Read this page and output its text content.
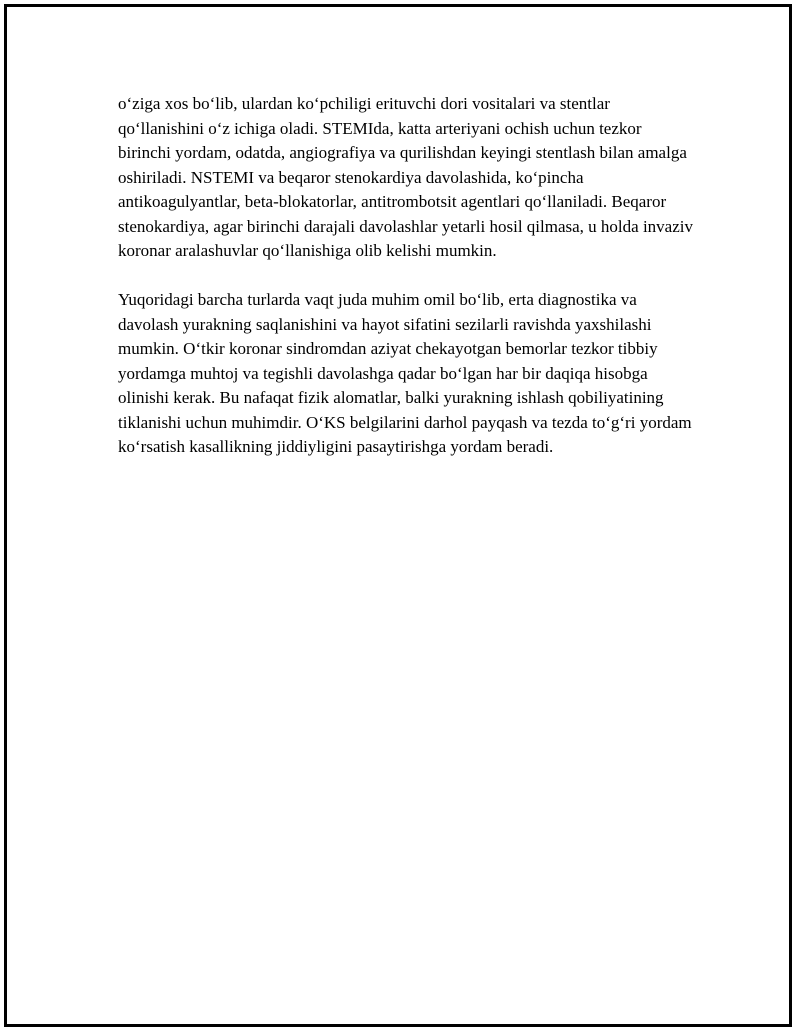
o‘ziga xos bo‘lib, ulardan ko‘pchiligi erituvchi dori vositalari va stentlar qo‘llanishini o‘z ichiga oladi. STEMIda, katta arteriyani ochish uchun tezkor birinchi yordam, odatda, angiografiya va qurilishdan keyingi stentlash bilan amalga oshiriladi. NSTEMI va beqaror stenokardiya davolashida, ko‘pincha antikoagulyantlar, beta-blokatorlar, antitrombotsit agentlari qo‘llaniladi. Beqaror stenokardiya, agar birinchi darajali davolashlar yetarli hosil qilmasa, u holda invaziv koronar aralashuvlar qo‘llanishiga olib kelishi mumkin.

Yuqoridagi barcha turlarda vaqt juda muhim omil bo‘lib, erta diagnostika va davolash yurakning saqlanishini va hayot sifatini sezilarli ravishda yaxshilashi mumkin. O‘tkir koronar sindromdan aziyat chekayotgan bemorlar tezkor tibbiy yordamga muhtoj va tegishli davolashga qadar bo‘lgan har bir daqiqa hisobga olinishi kerak. Bu nafaqat fizik alomatlar, balki yurakning ishlash qobiliyatining tiklanishi uchun muhimdir. O‘KS belgilarini darhol payqash va tezda to‘g‘ri yordam ko‘rsatish kasallikning jiddiyligini pasaytirishga yordam beradi.
